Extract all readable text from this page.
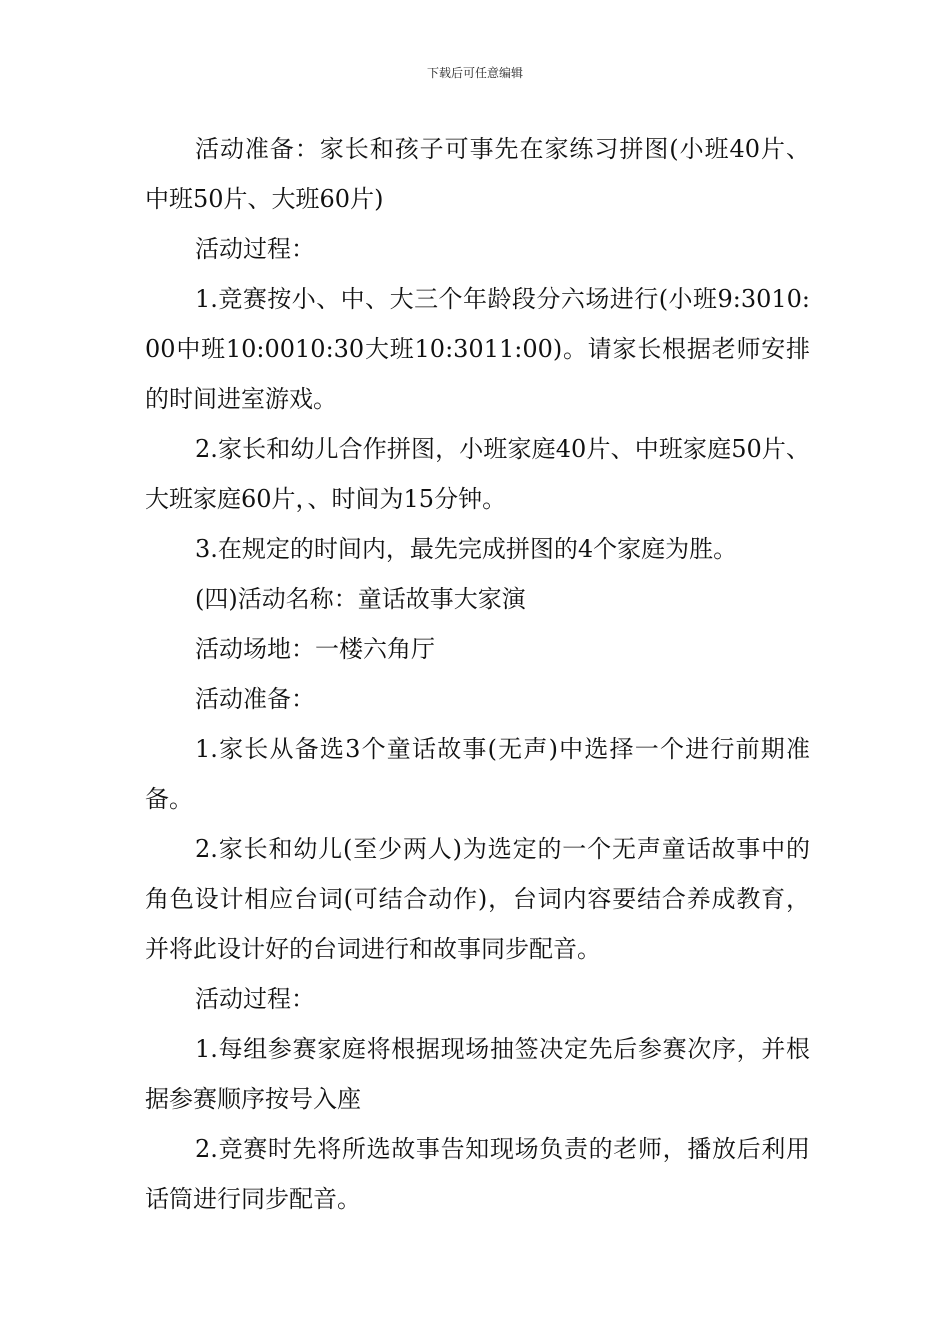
下载后可任意编辑

活动准备：家长和孩子可事先在家练习拼图(小班40片、中班50片、大班60片)

活动过程：

1.竞赛按小、中、大三个年龄段分六场进行(小班9:3010:00中班10:0010:30大班10:3011:00)。请家长根据老师安排的时间进室游戏。

2.家长和幼儿合作拼图，小班家庭40片、中班家庭50片、大班家庭60片，、时间为15分钟。

3.在规定的时间内，最先完成拼图的4个家庭为胜。

(四)活动名称：童话故事大家演

活动场地：一楼六角厅

活动准备：

1.家长从备选3个童话故事(无声)中选择一个进行前期准备。

2.家长和幼儿(至少两人)为选定的一个无声童话故事中的角色设计相应台词(可结合动作)，台词内容要结合养成教育，并将此设计好的台词进行和故事同步配音。

活动过程：

1.每组参赛家庭将根据现场抽签决定先后参赛次序，并根据参赛顺序按号入座

2.竞赛时先将所选故事告知现场负责的老师，播放后利用话筒进行同步配音。
